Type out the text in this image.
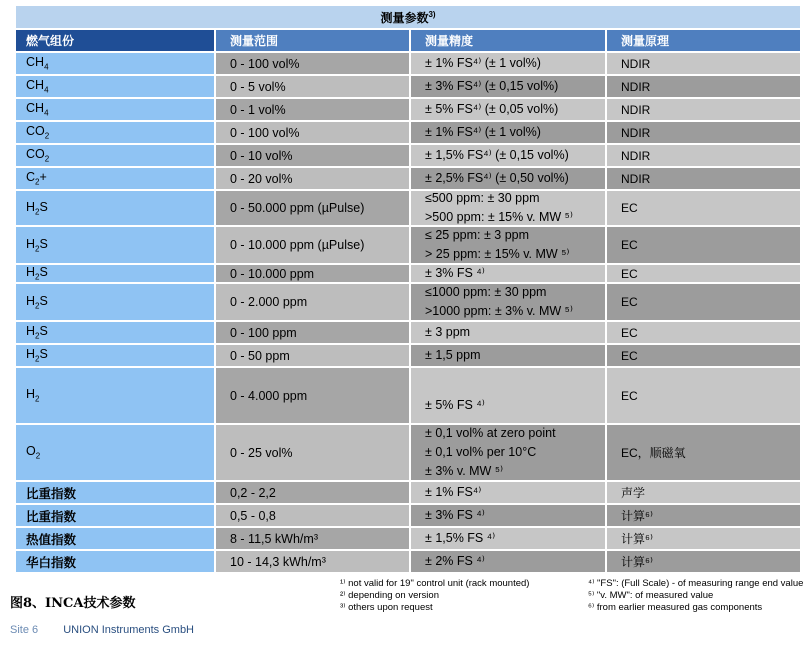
测量参数$^{3)}$
燃气组份	测量范围	测量精度	测量原理
$CH_4$	0 - 100 vol%	± 1% FS⁴⁾ (± 1 vol%)	NDIR
$CH_4$	0 - 5 vol%	± 3% FS⁴⁾ (± 0,15 vol%)	NDIR
$CH_4$	0 - 1 vol%	± 5% FS⁴⁾ (± 0,05 vol%)	NDIR
$CO_2$	0 - 100 vol%	± 1% FS⁴⁾ (± 1 vol%)	NDIR
$CO_2$	0 - 10 vol%	± 1,5% FS⁴⁾ (± 0,15 vol%)	NDIR
$C_2+$	0 - 20 vol%	± 2,5% FS⁴⁾ (± 0,50 vol%)	NDIR
$H_2S$	0 - 50.000 ppm (µPulse)	≤500 ppm: ± 30 ppm
>500 ppm: ± 15% v. MW ⁵⁾	EC
$H_2S$	0 - 10.000 ppm (µPulse)	≤ 25 ppm: ± 3 ppm
> 25 ppm: ± 15% v. MW ⁵⁾	EC
$H_2S$	0 - 10.000 ppm	± 3% FS ⁴⁾	EC
$H_2S$	0 - 2.000 ppm	≤1000 ppm: ± 30 ppm
>1000 ppm: ± 3% v. MW ⁵⁾	EC
$H_2S$	0 - 100 ppm	± 3 ppm	EC
$H_2S$	0 - 50 ppm	± 1,5 ppm	EC
$H_2$	0 - 4.000 ppm	± 5% FS ⁴⁾	EC
$O_2$	0 - 25 vol%	± 0,1 vol% at zero point
± 0,1 vol% per 10°C
± 3% v. MW ⁵⁾	EC，顺磁氧
比重指数	0,2 - 2,2	± 1% FS⁴⁾	声学
比重指数	0,5 - 0,8	± 3% FS ⁴⁾	计算⁶⁾
热值指数	8 - 11,5 kWh/m³	± 1,5% FS ⁴⁾	计算⁶⁾
华白指数	10 - 14,3 kWh/m³	± 2% FS ⁴⁾	计算⁶⁾
图8、INCA技术参数
¹⁾ not valid for 19" control unit (rack mounted)
²⁾ depending on version
³⁾ others upon request
⁴⁾ "FS": (Full Scale) - of measuring range end value
⁵⁾ "v. MW": of measured value
⁶⁾ from earlier measured gas components
Site 6 UNION Instruments GmbH
